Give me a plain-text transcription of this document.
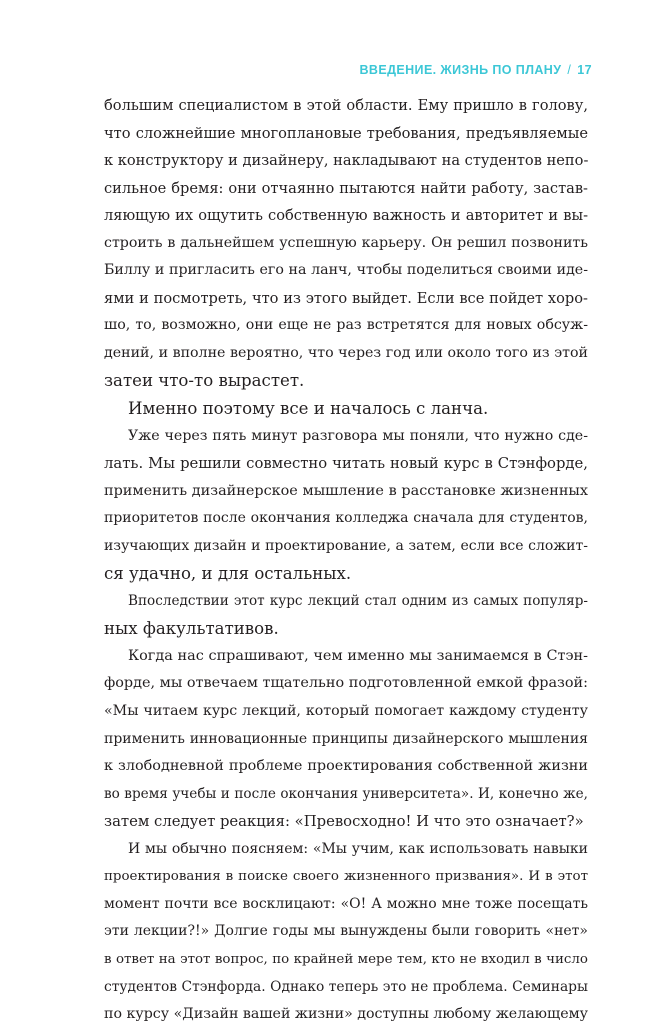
ВВЕДЕНИЕ. ЖИЗНЬ ПО ПЛАНУ / 17
большим специалистом в этой области. Ему пришло в голову,
что сложнейшие многоплановые требования, предъявляемые
к конструктору и дизайнеру, накладывают на студентов непо-
сильное бремя: они отчаянно пытаются найти работу, застав-
ляющую их ощутить собственную важность и авторитет и вы-
строить в дальнейшем успешную карьеру. Он решил позвонить
Биллу и пригласить его на ланч, чтобы поделиться своими иде-
ями и посмотреть, что из этого выйдет. Если все пойдет хоро-
шо, то, возможно, они еще не раз встретятся для новых обсуж-
дений, и вполне вероятно, что через год или около того из этой
затеи что-то вырастет.
Именно поэтому все и началось с ланча.
Уже через пять минут разговора мы поняли, что нужно сде-
лать. Мы решили совместно читать новый курс в Стэнфорде,
применить дизайнерское мышление в расстановке жизненных
приоритетов после окончания колледжа сначала для студентов,
изучающих дизайн и проектирование, а затем, если все сложит-
ся удачно, и для остальных.
Впоследствии этот курс лекций стал одним из самых популяр-
ных факультативов.
Когда нас спрашивают, чем именно мы занимаемся в Стэн-
форде, мы отвечаем тщательно подготовленной емкой фразой:
«Мы читаем курс лекций, который помогает каждому студенту
применить инновационные принципы дизайнерского мышления
к злободневной проблеме проектирования собственной жизни
во время учебы и после окончания университета». И, конечно же,
затем следует реакция: «Превосходно! И что это означает?»
И мы обычно поясняем: «Мы учим, как использовать навыки
проектирования в поиске своего жизненного призвания». И в этот
момент почти все восклицают: «О! А можно мне тоже посещать
эти лекции?!» Долгие годы мы вынуждены были говорить «нет»
в ответ на этот вопрос, по крайней мере тем, кто не входил в число
студентов Стэнфорда. Однако теперь это не проблема. Семинары
по курсу «Дизайн вашей жизни» доступны любому желающему
